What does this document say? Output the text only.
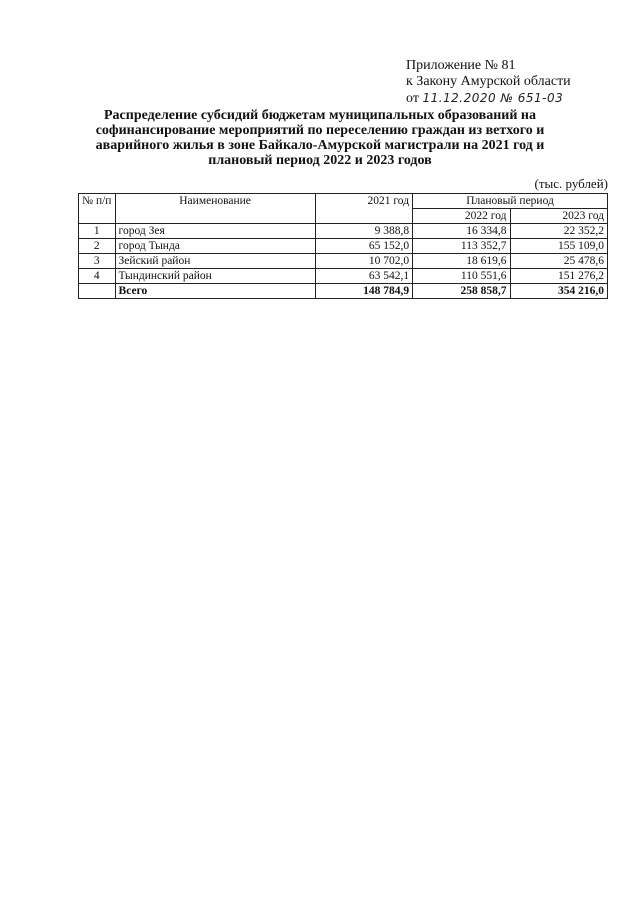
Приложение № 81
к Закону Амурской области
от 11.12.2020 № 651-03
Распределение субсидий бюджетам муниципальных образований на
софинансирование мероприятий по переселению граждан из ветхого и
аварийного жилья в зоне Байкало-Амурской магистрали на 2021 год и
плановый период 2022 и 2023 годов
(тыс. рублей)
№ п/п	Наименование	2021 год	Плановый период	
			2022 год	2023 год
1	город Зея	9 388,8	16 334,8	22 352,2
2	город Тында	65 152,0	113 352,7	155 109,0
3	Зейский район	10 702,0	18 619,6	25 478,6
4	Тындинский район	63 542,1	110 551,6	151 276,2
	Всего	148 784,9	258 858,7	354 216,0
